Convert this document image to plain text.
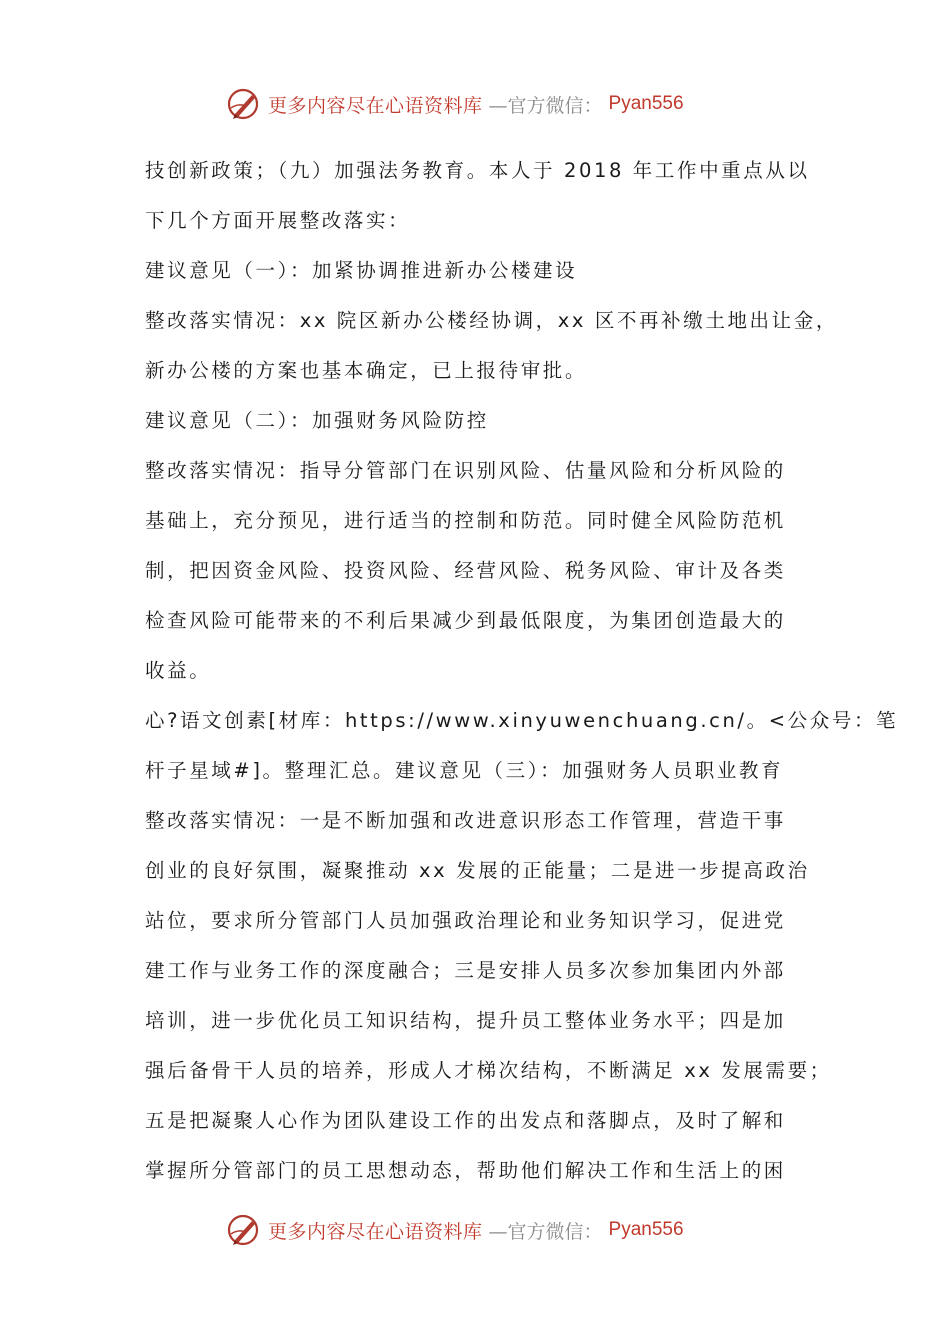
更多内容尽在心语资料库 —官方微信： Pyan556
技创新政策；（九）加强法务教育。本人于 2018 年工作中重点从以
下几个方面开展整改落实：
建议意见（一）：加紧协调推进新办公楼建设
整改落实情况：xx 院区新办公楼经协调，xx 区不再补缴土地出让金，
新办公楼的方案也基本确定，已上报待审批。
建议意见（二）：加强财务风险防控
整改落实情况：指导分管部门在识别风险、估量风险和分析风险的
基础上，充分预见，进行适当的控制和防范。同时健全风险防范机
制，把因资金风险、投资风险、经营风险、税务风险、审计及各类
检查风险可能带来的不利后果减少到最低限度，为集团创造最大的
收益。
心?语文创素[材库：https://www.xinyuwenchuang.cn/。<公众号：笔
杆子星域#]。整理汇总。建议意见（三）：加强财务人员职业教育
整改落实情况：一是不断加强和改进意识形态工作管理，营造干事
创业的良好氛围，凝聚推动 xx 发展的正能量；二是进一步提高政治
站位，要求所分管部门人员加强政治理论和业务知识学习，促进党
建工作与业务工作的深度融合；三是安排人员多次参加集团内外部
培训，进一步优化员工知识结构，提升员工整体业务水平；四是加
强后备骨干人员的培养，形成人才梯次结构，不断满足 xx 发展需要；
五是把凝聚人心作为团队建设工作的出发点和落脚点，及时了解和
掌握所分管部门的员工思想动态，帮助他们解决工作和生活上的困
更多内容尽在心语资料库 —官方微信： Pyan556
